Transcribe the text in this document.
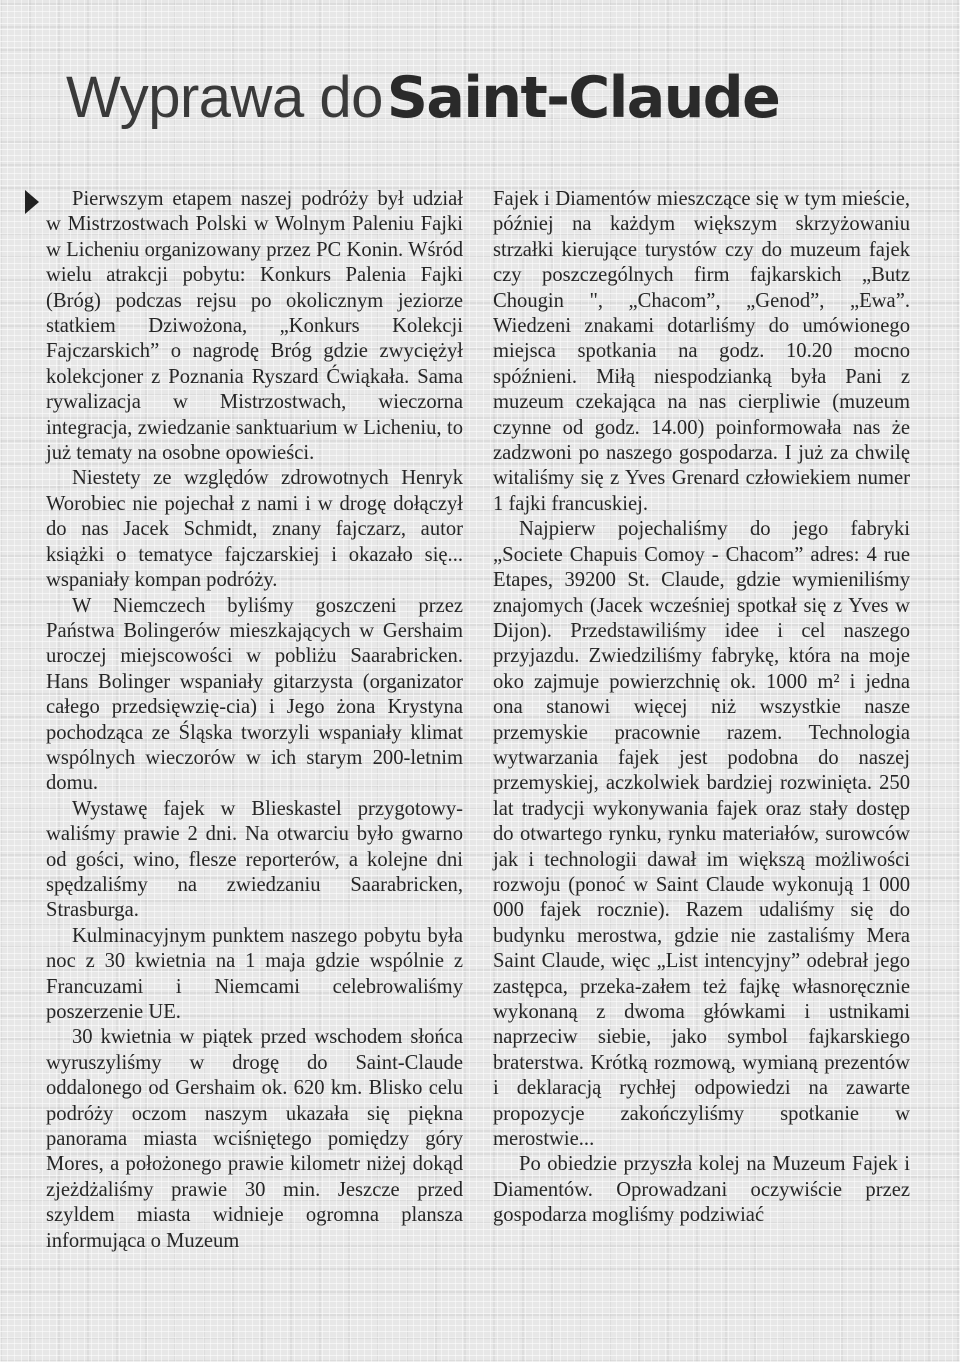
Wyprawa do Saint-Claude

Pierwszym etapem naszej podróży był udział w Mistrzostwach Polski w Wolnym Paleniu Fajki w Licheniu organizowany przez PC Konin. Wśród wielu atrakcji pobytu: Konkurs Palenia Fajki (Bróg) podczas rejsu po okolicznym jeziorze statkiem Dziwożona, „Konkurs Kolekcji Fajczarskich” o nagrodę Bróg gdzie zwyciężył kolekcjoner z Poznania Ryszard Ćwiąkała. Sama rywalizacja w Mistrzostwach, wieczorna integracja, zwiedzanie sanktuarium w Licheniu, to już tematy na osobne opowieści.

Niestety ze względów zdrowotnych Henryk Worobiec nie pojechał z nami i w drogę dołączył do nas Jacek Schmidt, znany fajczarz, autor książki o tematyce fajczarskiej i okazało się... wspaniały kompan podróży.

W Niemczech byliśmy goszczeni przez Państwa Bolingerów mieszkających w Gershaim uroczej miejscowości w pobliżu Saarabricken. Hans Bolinger wspaniały gitarzysta (organizator całego przedsięwzię-cia) i Jego żona Krystyna pochodząca ze Śląska tworzyli wspaniały klimat wspólnych wieczorów w ich starym 200-letnim domu.

Wystawę fajek w Blieskastel przygotowy-waliśmy prawie 2 dni. Na otwarciu było gwarno od gości, wino, flesze reporterów, a kolejne dni spędzaliśmy na zwiedzaniu Saarabricken, Strasburga.

Kulminacyjnym punktem naszego pobytu była noc z 30 kwietnia na 1 maja gdzie wspólnie z Francuzami i Niemcami celebrowaliśmy poszerzenie UE.

30 kwietnia w piątek przed wschodem słońca wyruszyliśmy w drogę do Saint-Claude oddalonego od Gershaim ok. 620 km. Blisko celu podróży oczom naszym ukazała się piękna panorama miasta wciśniętego pomiędzy góry Mores, a położonego prawie kilometr niżej dokąd zjeżdżaliśmy prawie 30 min. Jeszcze przed szyldem miasta widnieje ogromna plansza informująca o Muzeum

Fajek i Diamentów mieszczące się w tym mieście, później na każdym większym skrzyżowaniu strzałki kierujące turystów czy do muzeum fajek czy poszczególnych firm fajkarskich „Butz Chougin ", „Chacom”, „Genod”, „Ewa”. Wiedzeni znakami dotarliśmy do umówionego miejsca spotkania na godz. 10.20 mocno spóźnieni. Miłą niespodzianką była Pani z muzeum czekająca na nas cierpliwie (muzeum czynne od godz. 14.00) poinformowała nas że zadzwoni po naszego gospodarza. I już za chwilę witaliśmy się z Yves Grenard człowiekiem numer 1 fajki francuskiej.

Najpierw pojechaliśmy do jego fabryki „Societe Chapuis Comoy - Chacom” adres: 4 rue Etapes, 39200 St. Claude, gdzie wymieniliśmy znajomych (Jacek wcześniej spotkał się z Yves w Dijon). Przedstawiliśmy idee i cel naszego przyjazdu. Zwiedziliśmy fabrykę, która na moje oko zajmuje powierzchnię ok. 1000 m² i jedna ona stanowi więcej niż wszystkie nasze przemyskie pracownie razem. Technologia wytwarzania fajek jest podobna do naszej przemyskiej, aczkolwiek bardziej rozwinięta. 250 lat tradycji wykonywania fajek oraz stały dostęp do otwartego rynku, rynku materiałów, surowców jak i technologii dawał im większą możliwości rozwoju (ponoć w Saint Claude wykonują 1 000 000 fajek rocznie). Razem udaliśmy się do budynku merostwa, gdzie nie zastaliśmy Mera Saint Claude, więc „List intencyjny” odebrał jego zastępca, przeka-załem też fajkę własnoręcznie wykonaną z dwoma główkami i ustnikami naprzeciw siebie, jako symbol fajkarskiego braterstwa. Krótką rozmową, wymianą prezentów i deklaracją rychłej odpowiedzi na zawarte propozycje zakończyliśmy spotkanie w merostwie...

Po obiedzie przyszła kolej na Muzeum Fajek i Diamentów. Oprowadzani oczywiście przez gospodarza mogliśmy podziwiać
